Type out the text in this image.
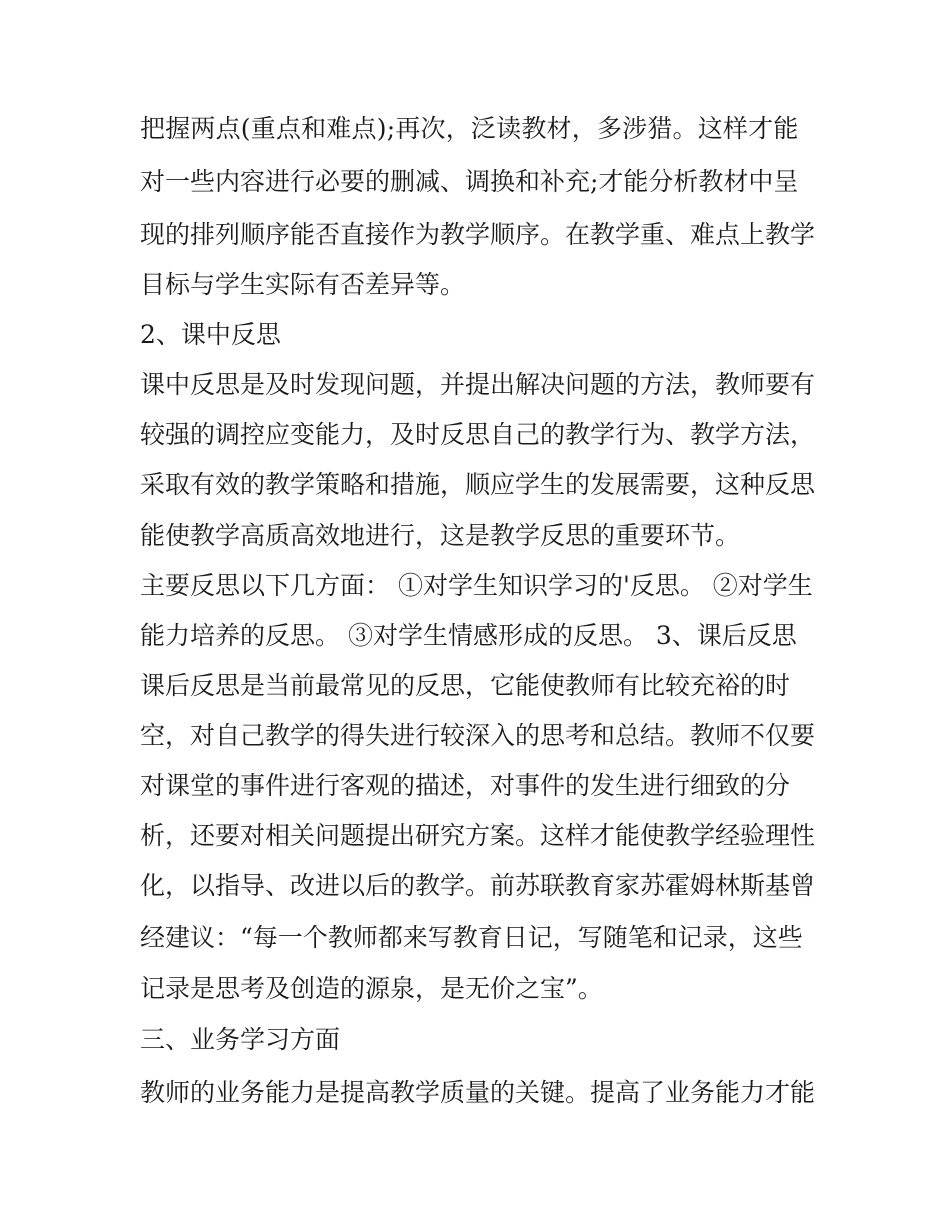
把握两点(重点和难点);再次，泛读教材，多涉猎。这样才能
对一些内容进行必要的删减、调换和补充;才能分析教材中呈
现的排列顺序能否直接作为教学顺序。在教学重、难点上教学
目标与学生实际有否差异等。
2、课中反思
课中反思是及时发现问题，并提出解决问题的方法，教师要有
较强的调控应变能力，及时反思自己的教学行为、教学方法，
采取有效的教学策略和措施，顺应学生的发展需要，这种反思
能使教学高质高效地进行，这是教学反思的重要环节。
主要反思以下几方面： ①对学生知识学习的'反思。 ②对学生
能力培养的反思。 ③对学生情感形成的反思。 3、课后反思
课后反思是当前最常见的反思，它能使教师有比较充裕的时
空，对自己教学的得失进行较深入的思考和总结。教师不仅要
对课堂的事件进行客观的描述，对事件的发生进行细致的分
析，还要对相关问题提出研究方案。这样才能使教学经验理性
化，以指导、改进以后的教学。前苏联教育家苏霍姆林斯基曾
经建议：“每一个教师都来写教育日记，写随笔和记录，这些
记录是思考及创造的源泉，是无价之宝”。
三、业务学习方面
教师的业务能力是提高教学质量的关键。提高了业务能力才能
